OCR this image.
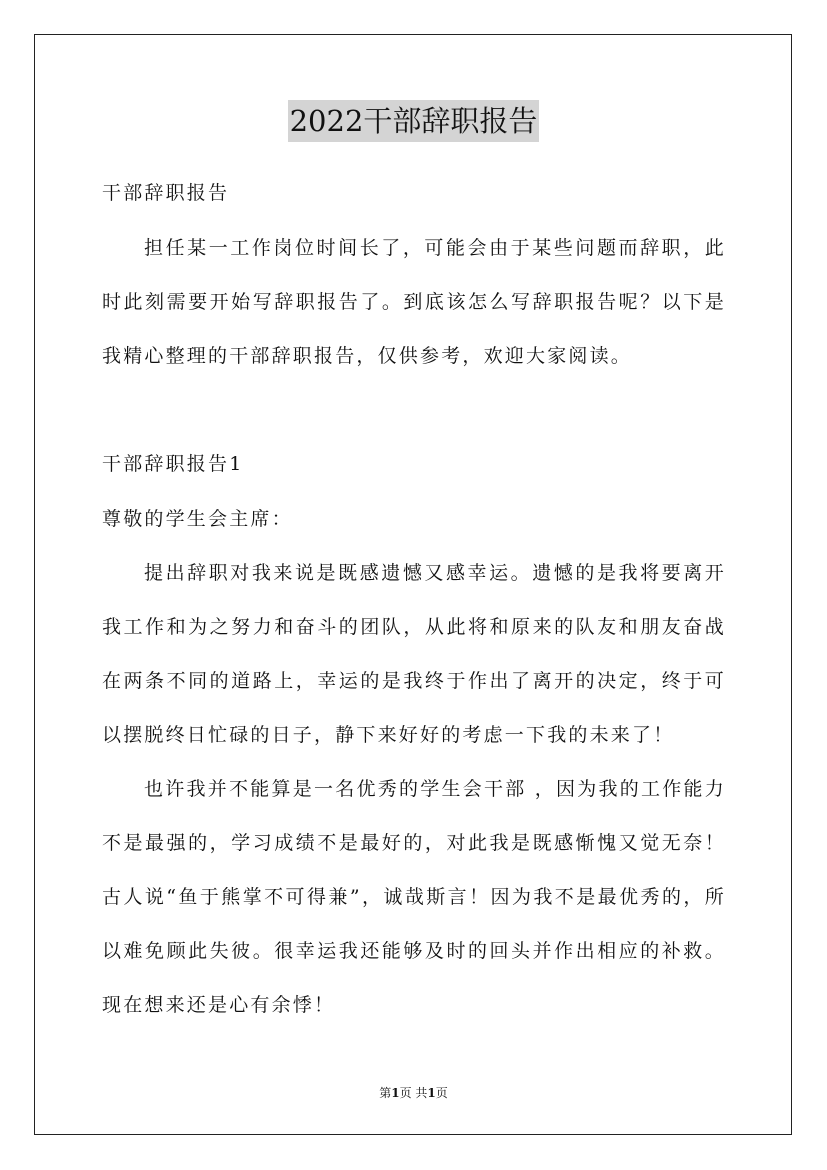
2022干部辞职报告

干部辞职报告

担任某一工作岗位时间长了，可能会由于某些问题而辞职，此时此刻需要开始写辞职报告了。到底该怎么写辞职报告呢？以下是我精心整理的干部辞职报告，仅供参考，欢迎大家阅读。

干部辞职报告1

尊敬的学生会主席：

提出辞职对我来说是既感遗憾又感幸运。遗憾的是我将要离开我工作和为之努力和奋斗的团队，从此将和原来的队友和朋友奋战在两条不同的道路上，幸运的是我终于作出了离开的决定，终于可以摆脱终日忙碌的日子，静下来好好的考虑一下我的未来了！

也许我并不能算是一名优秀的学生会干部 ，因为我的工作能力不是最强的，学习成绩不是最好的，对此我是既感惭愧又觉无奈！古人说“鱼于熊掌不可得兼”，诚哉斯言！因为我不是最优秀的，所以难免顾此失彼。很幸运我还能够及时的回头并作出相应的补救。现在想来还是心有余悸！

第1页 共1页
